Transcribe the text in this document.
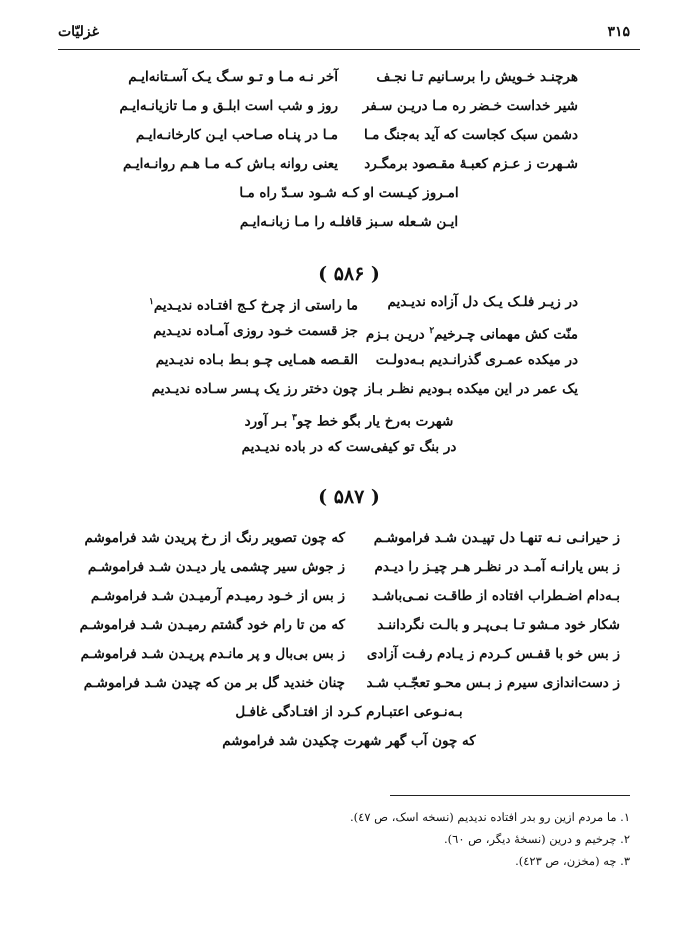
۳۱۵
غزلیّات
هرچنـد خـویش را برسـانیم تـا نجـف
آخر نـه مـا و تـو سـگ یـک آسـتانه‌ایـم
شیر خداست خـضر ره مـا دریـن سـفر
روز و شب است ابلـق و مـا تازیانـه‌ایـم
دشمن سبک کجاست که آید به‌جنگ مـا
مـا در پنـاه صـاحب ایـن کارخانـه‌ایـم
شـهرت ز عـزم کعبـهٔ مقـصود برمگـرد
یعنی روانه بـاش کـه مـا هـم روانـه‌ایـم
امـروز کیـست او کـه شـود سـدّ راه مـا
ایـن شـعله سـبز قافلـه را مـا زبانـه‌ایـم
( ۵۸۶ )
در زیـر فلـک یـک دل آزاده ندیـدیم
ما راستی از چرخ کـج افتـاده ندیـدیم$^۱$
منّت کش مهمانی چـرخیم$^۲$ دریـن بـزم
جز قسمت خـود روزی آمـاده ندیـدیم
در میکده عمـری گذرانـدیم بـه‌دولـت
القـصه همـایی چـو بـط بـاده ندیـدیم
یک عمر در این میکده بـودیم نظـر بـاز
چون دختر رز یک پـسر سـاده ندیـدیم
شهرت به‌رخ یار بگو خط چو$^۳$ بـر آورد
در بنگ تو کیفی‌ست که در باده ندیـدیم
( ۵۸۷ )
ز حیرانـی نـه تنهـا دل تپیـدن شـد فراموشـم
که چون تصویر رنگ از رخ پریدن شد فراموشم
ز بس یارانـه آمـد در نظـر هـر چیـز را دیـدم
ز جوش سیر چشمی یار دیـدن شـد فراموشـم
بـه‌دام اضـطراب افتاده از طاقـت نمـی‌باشـد
ز بس از خـود رمیـدم آرمیـدن شـد فراموشـم
شکار خود مـشو تـا بـی‌پـر و بالـت نگرداننـد
که من تا رام خود گشتم رمیـدن شـد فراموشـم
ز بس خو با قفـس کـردم ز یـادم رفـت آزادی
ز بس بی‌بال و پر مانـدم پریـدن شـد فراموشـم
ز دست‌اندازی سیرم ز بـس محـو تعجّـب شـد
چنان خندید گل بر من که چیدن شـد فراموشـم
بـه‌نـوعی اعتبـارم کـرد از افتـادگی غافـل
که چون آب گهر شهرت چکیدن شد فراموشم
۱. ما مردم ازین رو بدر افتاده ندیدیم (نسخه اسک، ص ٤٧).
۲. چرخیم و درین (نسخهٔ دیگر، ص ٦٠).
۳. چه (مخزن، ص ٤٢٣).
